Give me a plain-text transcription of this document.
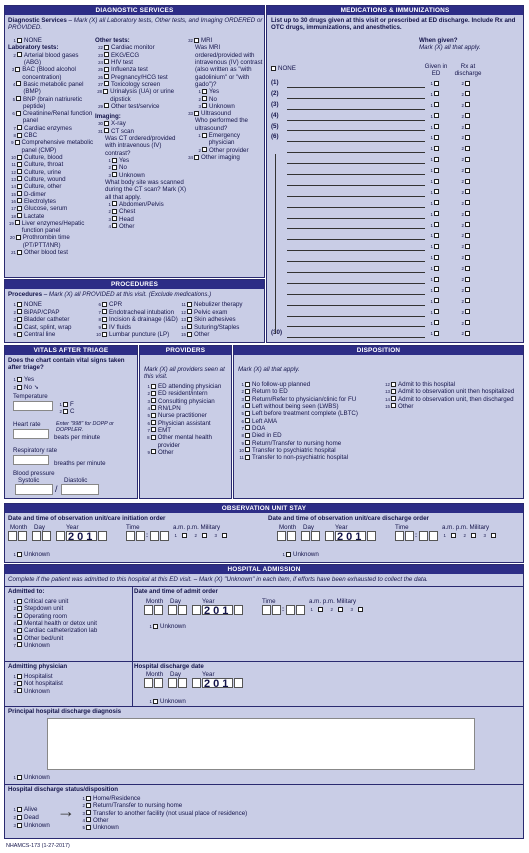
DIAGNOSTIC SERVICES
Diagnostic Services – Mark (X) all Laboratory tests, Other tests, and Imaging ORDERED or PROVIDED.
1 NONE
Laboratory tests:
2 Arterial blood gases (ABG)
3 BAC (Blood alcohol concentration)
4 Basic metabolic panel (BMP)
5 BNP (brain natriuretic peptide)
6 Creatinine/Renal function panel
7 Cardiac enzymes
8 CBC
9 Comprehensive metabolic panel (CMP)
10 Culture, blood
11 Culture, throat
12 Culture, urine
13 Culture, wound
14 Culture, other
15 D-dimer
16 Electrolytes
17 Glucose, serum
18 Lactate
19 Liver enzymes/Hepatic function panel
20 Prothrombin time (PT/PTT/INR)
21 Other blood test
Other tests:
22 Cardiac monitor
23 EKG/ECG
24 HIV test
25 Influenza test
26 Pregnancy/HCG test
27 Toxicology screen
28 Urinalysis (UA) or urine dipstick
29 Other test/service
Imaging:
30 X-ray
31 CT scan
Was CT ordered/provided with intravenous (IV) contrast?
1 Yes
2 No
3 Unknown
What body site was scanned during the CT scan? Mark (X) all that apply.
1 Abdomen/Pelvis
2 Chest
3 Head
4 Other
32 MRI
Was MRI ordered/provided with intravenous (IV) contrast (also written as "with gadolinium" or "with gado")?
1 Yes
2 No
3 Unknown
33 Ultrasound
Who performed the ultrasound?
1 Emergency physician
2 Other provider
34 Other imaging
MEDICATIONS & IMMUNIZATIONS
List up to 30 drugs given at this visit or prescribed at ED discharge. Include Rx and OTC drugs, immunizations, and anesthetics.
When given?
Mark (X) all that apply.
NONE	Given in ED
Rx at discharge
(1)	1	2
(2)	1	2
(3)	1	2
(4)	1	2
(5)	1	2
(6)	1	2
1	2
1	2
1	2
1	2
1	2
1	2
1	2
1	2
1	2
1	2
1	2
1	2
1	2
1	2
1	2
1	2
1	2
(30)	1	2
PROCEDURES
Procedures – Mark (X) all PROVIDED at this visit. (Exclude medications.)
1 NONE
2 BiPAP/CPAP
3 Bladder catheter
4 Cast, splint, wrap
5 Central line
6 CPR
7 Endotracheal intubation
8 Incision & drainage (I&D)
9 IV fluids
10 Lumbar puncture (LP)
11 Nebulizer therapy
12 Pelvic exam
13 Skin adhesives
14 Suturing/Staples
15 Other
VITALS AFTER TRIAGE
Does the chart contain vital signs taken after triage?
1 Yes
2 No ➘
Temperature
1 F
2 C
Heart rate	Enter "998" for DOPP or DOPPLER.
beats per minute
Respiratory rate
breaths per minute
Blood pressure
Systolic	Diastolic
/
PROVIDERS
Mark (X) all providers seen at this visit.
1 ED attending physician
2 ED resident/intern
3 Consulting physician
4 RN/LPN
5 Nurse practitioner
6 Physician assistant
7 EMT
8 Other mental health provider
9 Other
DISPOSITION
Mark (X) all that apply.
1 No follow-up planned
2 Return to ED
3 Return/Refer to physician/clinic for FU
4 Left without being seen (LWBS)
5 Left before treatment complete (LBTC)
6 Left AMA
7 DOA
8 Died in ED
9 Return/Transfer to nursing home
10 Transfer to psychiatric hospital
11 Transfer to non-psychiatric hospital
12 Admit to this hospital
13 Admit to observation unit then hospitalized
14 Admit to observation unit, then discharged
15 Other
OBSERVATION UNIT STAY
Date and time of observation unit/care initiation order	Date and time of observation unit/care discharge order
Month Day	Year
201
Time
:
a.m. p.m. Military
1	2	3
Month Day	Year
201
Time
:
a.m. p.m. Military
1	2	3
1 Unknown	1 Unknown
HOSPITAL ADMISSION
Complete if the patient was admitted to this hospital at this ED visit. – Mark (X) "Unknown" in each item, if efforts have been exhausted to collect the data.
Admitted to:
1 Critical care unit
2 Stepdown unit
3 Operating room
4 Mental health or detox unit
5 Cardiac catheterization lab
6 Other bed/unit
7 Unknown
Date and time of admit order
Month Day	Year
201
Time
:
a.m. p.m. Military
1	2	3
1 Unknown
Admitting physician
1 Hospitalist
2 Not hospitalist
3 Unknown
Hospital discharge date
Month Day	Year
201
1 Unknown
Principal hospital discharge diagnosis
1 Unknown
Hospital discharge status/disposition
1 Alive
2 Dead
3 Unknown
→
1 Home/Residence
2 Return/Transfer to nursing home
3 Transfer to another facility (not usual place of residence)
4 Other
5 Unknown
NHAMCS-173 (1-27-2017)
